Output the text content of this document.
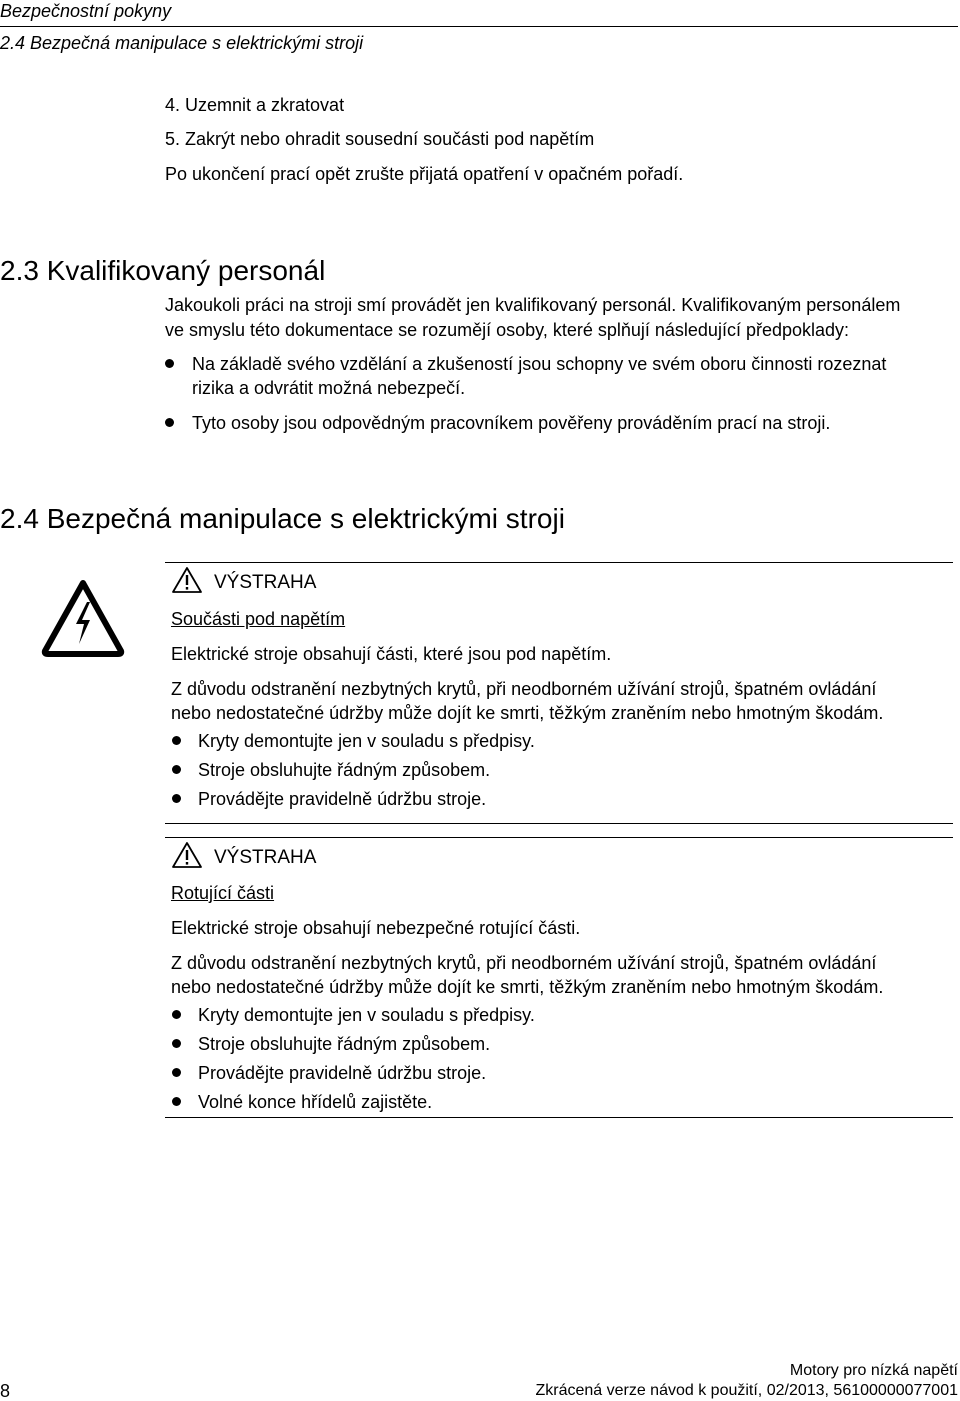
Bezpečnostní pokyny
2.4 Bezpečná manipulace s elektrickými stroji
4. Uzemnit a zkratovat
5. Zakrýt nebo ohradit sousední součásti pod napětím
Po ukončení prací opět zrušte přijatá opatření v opačném pořadí.
2.3 Kvalifikovaný personál
Jakoukoli práci na stroji smí provádět jen kvalifikovaný personál. Kvalifikovaným personálem
ve smyslu této dokumentace se rozumějí osoby, které splňují následující předpoklady:
Na základě svého vzdělání a zkušeností jsou schopny ve svém oboru činnosti rozeznat
rizika a odvrátit možná nebezpečí.
Tyto osoby jsou odpovědným pracovníkem pověřeny prováděním prací na stroji.
2.4 Bezpečná manipulace s elektrickými stroji
VÝSTRAHA
Součásti pod napětím
Elektrické stroje obsahují části, které jsou pod napětím.
Z důvodu odstranění nezbytných krytů, při neodborném užívání strojů, špatném ovládání
nebo nedostatečné údržby může dojít ke smrti, těžkým zraněním nebo hmotným škodám.
Kryty demontujte jen v souladu s předpisy.
Stroje obsluhujte řádným způsobem.
Provádějte pravidelně údržbu stroje.
VÝSTRAHA
Rotující části
Elektrické stroje obsahují nebezpečné rotující části.
Z důvodu odstranění nezbytných krytů, při neodborném užívání strojů, špatném ovládání
nebo nedostatečné údržby může dojít ke smrti, těžkým zraněním nebo hmotným škodám.
Kryty demontujte jen v souladu s předpisy.
Stroje obsluhujte řádným způsobem.
Provádějte pravidelně údržbu stroje.
Volné konce hřídelů zajistěte.
8
Motory pro nízká napětí
Zkrácená verze návod k použití, 02/2013, 56100000077001
